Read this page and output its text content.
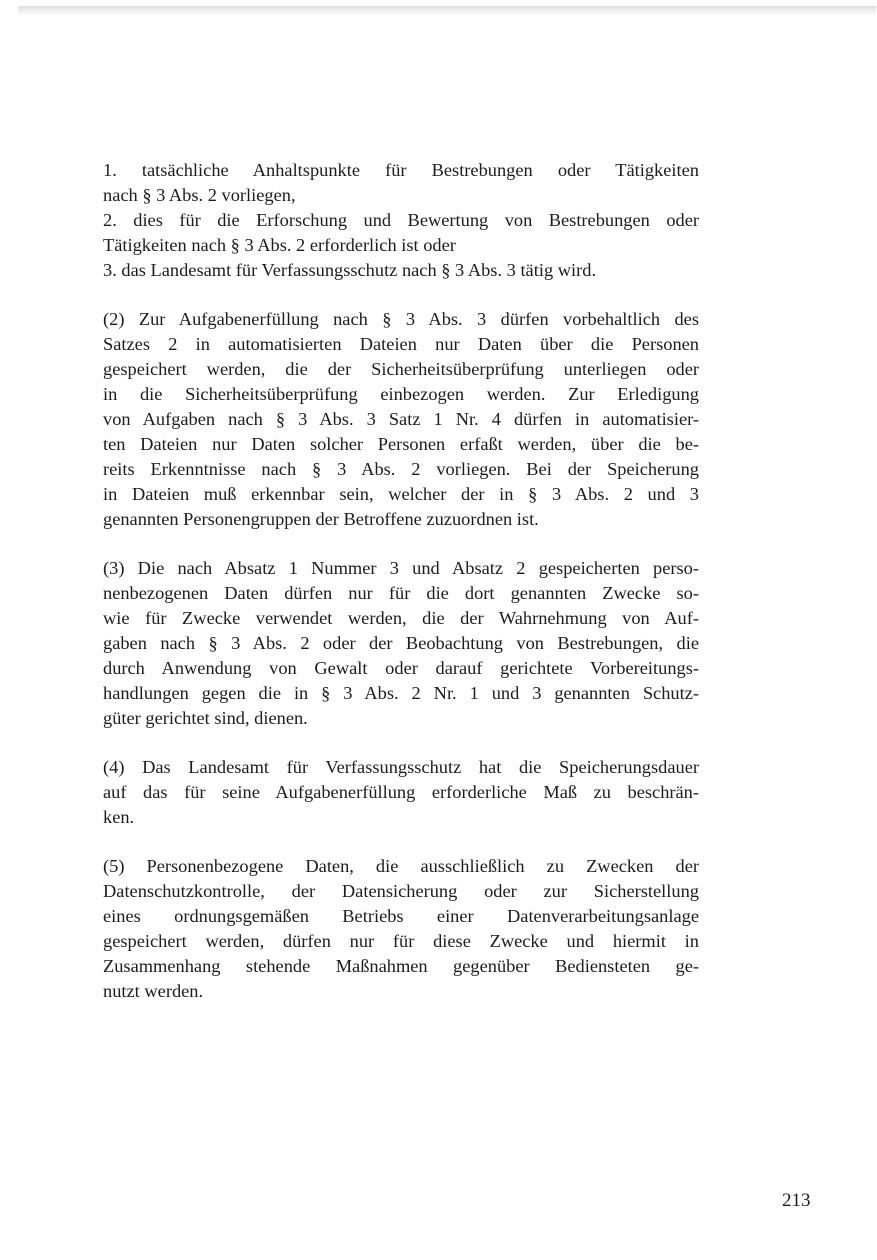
1. tatsächliche Anhaltspunkte für Bestrebungen oder Tätigkeiten
nach § 3 Abs. 2 vorliegen,
2. dies für die Erforschung und Bewertung von Bestrebungen oder
Tätigkeiten nach § 3 Abs. 2 erforderlich ist oder
3. das Landesamt für Verfassungsschutz nach § 3 Abs. 3 tätig wird.
(2) Zur Aufgabenerfüllung nach § 3 Abs. 3 dürfen vorbehaltlich des
Satzes 2 in automatisierten Dateien nur Daten über die Personen
gespeichert werden, die der Sicherheitsüberprüfung unterliegen oder
in die Sicherheitsüberprüfung einbezogen werden. Zur Erledigung
von Aufgaben nach § 3 Abs. 3 Satz 1 Nr. 4 dürfen in automatisier-
ten Dateien nur Daten solcher Personen erfaßt werden, über die be-
reits Erkenntnisse nach § 3 Abs. 2 vorliegen. Bei der Speicherung
in Dateien muß erkennbar sein, welcher der in § 3 Abs. 2 und 3
genannten Personengruppen der Betroffene zuzuordnen ist.
(3) Die nach Absatz 1 Nummer 3 und Absatz 2 gespeicherten perso-
nenbezogenen Daten dürfen nur für die dort genannten Zwecke so-
wie für Zwecke verwendet werden, die der Wahrnehmung von Auf-
gaben nach § 3 Abs. 2 oder der Beobachtung von Bestrebungen, die
durch Anwendung von Gewalt oder darauf gerichtete Vorbereitungs-
handlungen gegen die in § 3 Abs. 2 Nr. 1 und 3 genannten Schutz-
güter gerichtet sind, dienen.
(4) Das Landesamt für Verfassungsschutz hat die Speicherungsdauer
auf das für seine Aufgabenerfüllung erforderliche Maß zu beschrän-
ken.
(5) Personenbezogene Daten, die ausschließlich zu Zwecken der
Datenschutzkontrolle, der Datensicherung oder zur Sicherstellung
eines ordnungsgemäßen Betriebs einer Datenverarbeitungsanlage
gespeichert werden, dürfen nur für diese Zwecke und hiermit in
Zusammenhang stehende Maßnahmen gegenüber Bediensteten ge-
nutzt werden.
213
